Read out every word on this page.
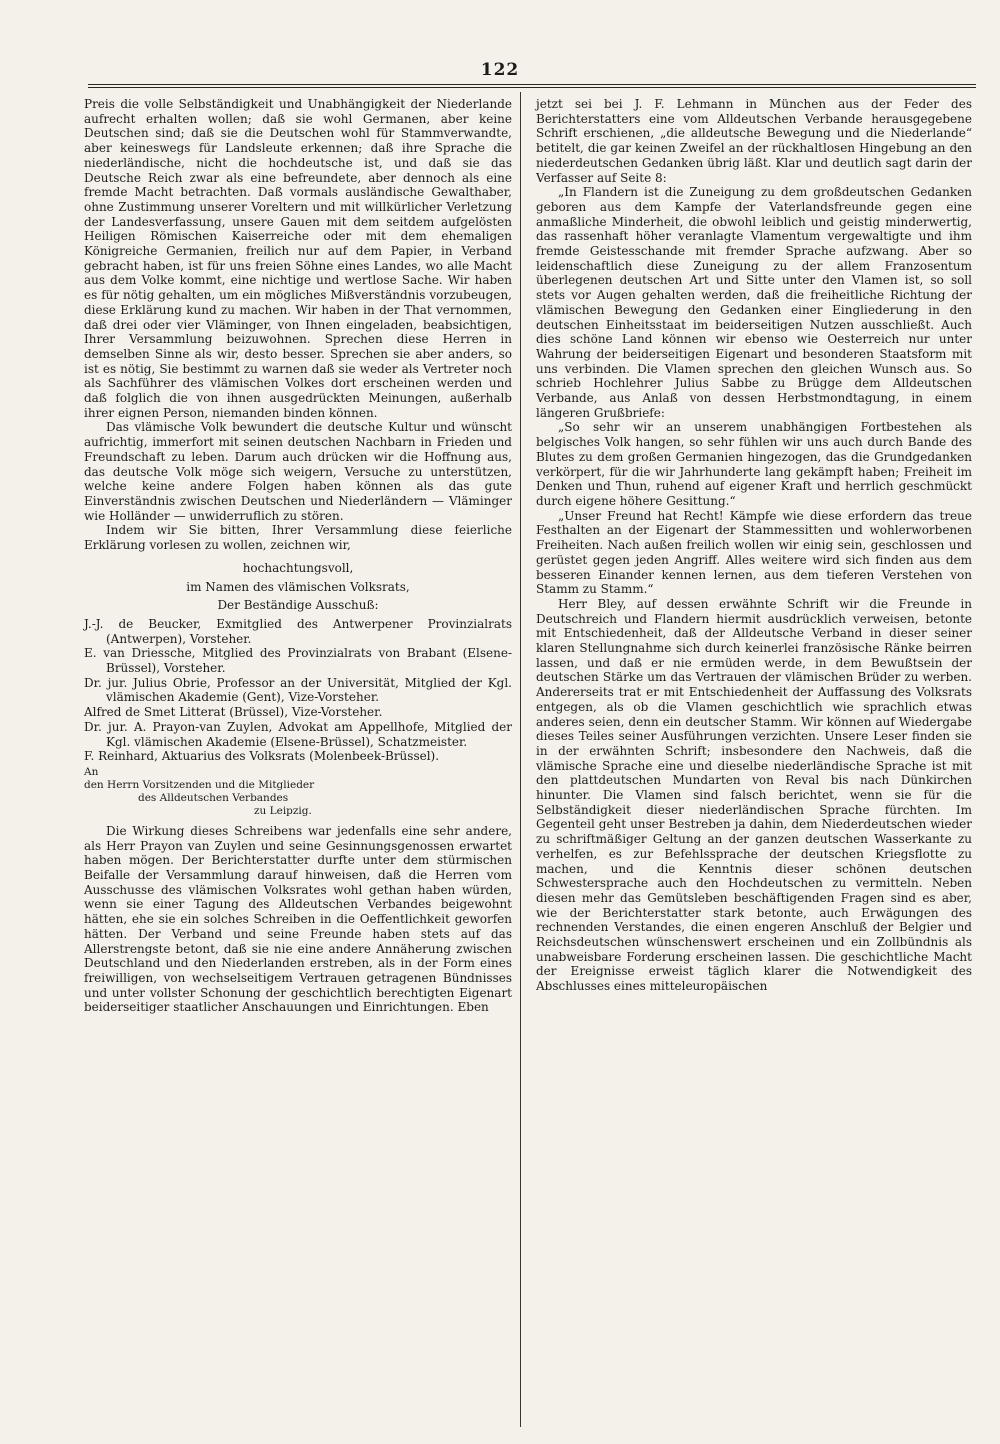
122

Preis die volle Selbständigkeit und Unabhängigkeit der Niederlande aufrecht erhalten wollen; daß sie wohl Germanen, aber keine Deutschen sind; daß sie die Deutschen wohl für Stammverwandte, aber keineswegs für Landsleute erkennen; daß ihre Sprache die niederländische, nicht die hochdeutsche ist, und daß sie das Deutsche Reich zwar als eine befreundete, aber dennoch als eine fremde Macht betrachten. Daß vormals ausländische Gewalthaber, ohne Zustimmung unserer Voreltern und mit willkürlicher Verletzung der Landesverfassung, unsere Gauen mit dem seitdem aufgelösten Heiligen Römischen Kaiserreiche oder mit dem ehemaligen Königreiche Germanien, freilich nur auf dem Papier, in Verband gebracht haben, ist für uns freien Söhne eines Landes, wo alle Macht aus dem Volke kommt, eine nichtige und wertlose Sache. Wir haben es für nötig gehalten, um ein mögliches Mißverständnis vorzubeugen, diese Erklärung kund zu machen. Wir haben in der That vernommen, daß drei oder vier Vläminger, von Ihnen eingeladen, beabsichtigen, Ihrer Versammlung beizuwohnen. Sprechen diese Herren in demselben Sinne als wir, desto besser. Sprechen sie aber anders, so ist es nötig, Sie bestimmt zu warnen daß sie weder als Vertreter noch als Sachführer des vlämischen Volkes dort erscheinen werden und daß folglich die von ihnen ausgedrückten Meinungen, außerhalb ihrer eignen Person, niemanden binden können.

Das vlämische Volk bewundert die deutsche Kultur und wünscht aufrichtig, immerfort mit seinen deutschen Nachbarn in Frieden und Freundschaft zu leben. Darum auch drücken wir die Hoffnung aus, das deutsche Volk möge sich weigern, Versuche zu unterstützen, welche keine andere Folgen haben können als das gute Einverständnis zwischen Deutschen und Niederländern — Vläminger wie Holländer — unwiderruflich zu stören.

Indem wir Sie bitten, Ihrer Versammlung diese feierliche Erklärung vorlesen zu wollen, zeichnen wir,

hochachtungsvoll,

im Namen des vlämischen Volksrats,

Der Beständige Ausschuß:

J.-J. de Beucker, Exmitglied des Antwerpener Provinzialrats (Antwerpen), Vorsteher.

E. van Driessche, Mitglied des Provinzialrats von Brabant (Elsene-Brüssel), Vorsteher.

Dr. jur. Julius Obrie, Professor an der Universität, Mitglied der Kgl. vlämischen Akademie (Gent), Vize-Vorsteher.

Alfred de Smet Litterat (Brüssel), Vize-Vorsteher.

Dr. jur. A. Prayon-van Zuylen, Advokat am Appellhofe, Mitglied der Kgl. vlämischen Akademie (Elsene-Brüssel), Schatzmeister.

F. Reinhard, Aktuarius des Volksrats (Molenbeek-Brüssel).

An
den Herrn Vorsitzenden und die Mitglieder
des Alldeutschen Verbandes
zu Leipzig.

Die Wirkung dieses Schreibens war jedenfalls eine sehr andere, als Herr Prayon van Zuylen und seine Gesinnungsgenossen erwartet haben mögen. Der Berichterstatter durfte unter dem stürmischen Beifalle der Versammlung darauf hinweisen, daß die Herren vom Ausschusse des vlämischen Volksrates wohl gethan haben würden, wenn sie einer Tagung des Alldeutschen Verbandes beigewohnt hätten, ehe sie ein solches Schreiben in die Oeffentlichkeit geworfen hätten. Der Verband und seine Freunde haben stets auf das Allerstrengste betont, daß sie nie eine andere Annäherung zwischen Deutschland und den Niederlanden erstreben, als in der Form eines freiwilligen, von wechselseitigem Vertrauen getragenen Bündnisses und unter vollster Schonung der geschichtlich berechtigten Eigenart beiderseitiger staatlicher Anschauungen und Einrichtungen. Eben

jetzt sei bei J. F. Lehmann in München aus der Feder des Berichterstatters eine vom Alldeutschen Verbande herausgegebene Schrift erschienen, „die alldeutsche Bewegung und die Niederlande“ betitelt, die gar keinen Zweifel an der rückhaltlosen Hingebung an den niederdeutschen Gedanken übrig läßt. Klar und deutlich sagt darin der Verfasser auf Seite 8:

„In Flandern ist die Zuneigung zu dem großdeutschen Gedanken geboren aus dem Kampfe der Vaterlandsfreunde gegen eine anmaßliche Minderheit, die obwohl leiblich und geistig minderwertig, das rassenhaft höher veranlagte Vlamentum vergewaltigte und ihm fremde Geistesschande mit fremder Sprache aufzwang. Aber so leidenschaftlich diese Zuneigung zu der allem Franzosentum überlegenen deutschen Art und Sitte unter den Vlamen ist, so soll stets vor Augen gehalten werden, daß die freiheitliche Richtung der vlämischen Bewegung den Gedanken einer Eingliederung in den deutschen Einheitsstaat im beiderseitigen Nutzen ausschließt. Auch dies schöne Land können wir ebenso wie Oesterreich nur unter Wahrung der beiderseitigen Eigenart und besonderen Staatsform mit uns verbinden. Die Vlamen sprechen den gleichen Wunsch aus. So schrieb Hochlehrer Julius Sabbe zu Brügge dem Alldeutschen Verbande, aus Anlaß von dessen Herbstmondtagung, in einem längeren Grußbriefe:

„So sehr wir an unserem unabhängigen Fortbestehen als belgisches Volk hangen, so sehr fühlen wir uns auch durch Bande des Blutes zu dem großen Germanien hingezogen, das die Grundgedanken verkörpert, für die wir Jahrhunderte lang gekämpft haben; Freiheit im Denken und Thun, ruhend auf eigener Kraft und herrlich geschmückt durch eigene höhere Gesittung.“

„Unser Freund hat Recht! Kämpfe wie diese erfordern das treue Festhalten an der Eigenart der Stammessitten und wohlerworbenen Freiheiten. Nach außen freilich wollen wir einig sein, geschlossen und gerüstet gegen jeden Angriff. Alles weitere wird sich finden aus dem besseren Einander kennen lernen, aus dem tieferen Verstehen von Stamm zu Stamm.“

Herr Bley, auf dessen erwähnte Schrift wir die Freunde in Deutschreich und Flandern hiermit ausdrücklich verweisen, betonte mit Entschiedenheit, daß der Alldeutsche Verband in dieser seiner klaren Stellungnahme sich durch keinerlei französische Ränke beirren lassen, und daß er nie ermüden werde, in dem Bewußtsein der deutschen Stärke um das Vertrauen der vlämischen Brüder zu werben. Andererseits trat er mit Entschiedenheit der Auffassung des Volksrats entgegen, als ob die Vlamen geschichtlich wie sprachlich etwas anderes seien, denn ein deutscher Stamm. Wir können auf Wiedergabe dieses Teiles seiner Ausführungen verzichten. Unsere Leser finden sie in der erwähnten Schrift; insbesondere den Nachweis, daß die vlämische Sprache eine und dieselbe niederländische Sprache ist mit den plattdeutschen Mundarten von Reval bis nach Dünkirchen hinunter. Die Vlamen sind falsch berichtet, wenn sie für die Selbständigkeit dieser niederländischen Sprache fürchten. Im Gegenteil geht unser Bestreben ja dahin, dem Niederdeutschen wieder zu schriftmäßiger Geltung an der ganzen deutschen Wasserkante zu verhelfen, es zur Befehlssprache der deutschen Kriegsflotte zu machen, und die Kenntnis dieser schönen deutschen Schwestersprache auch den Hochdeutschen zu vermitteln. Neben diesen mehr das Gemütsleben beschäftigenden Fragen sind es aber, wie der Berichterstatter stark betonte, auch Erwägungen des rechnenden Verstandes, die einen engeren Anschluß der Belgier und Reichsdeutschen wünschenswert erscheinen und ein Zollbündnis als unabweisbare Forderung erscheinen lassen. Die geschichtliche Macht der Ereignisse erweist täglich klarer die Notwendigkeit des Abschlusses eines mitteleuropäischen
